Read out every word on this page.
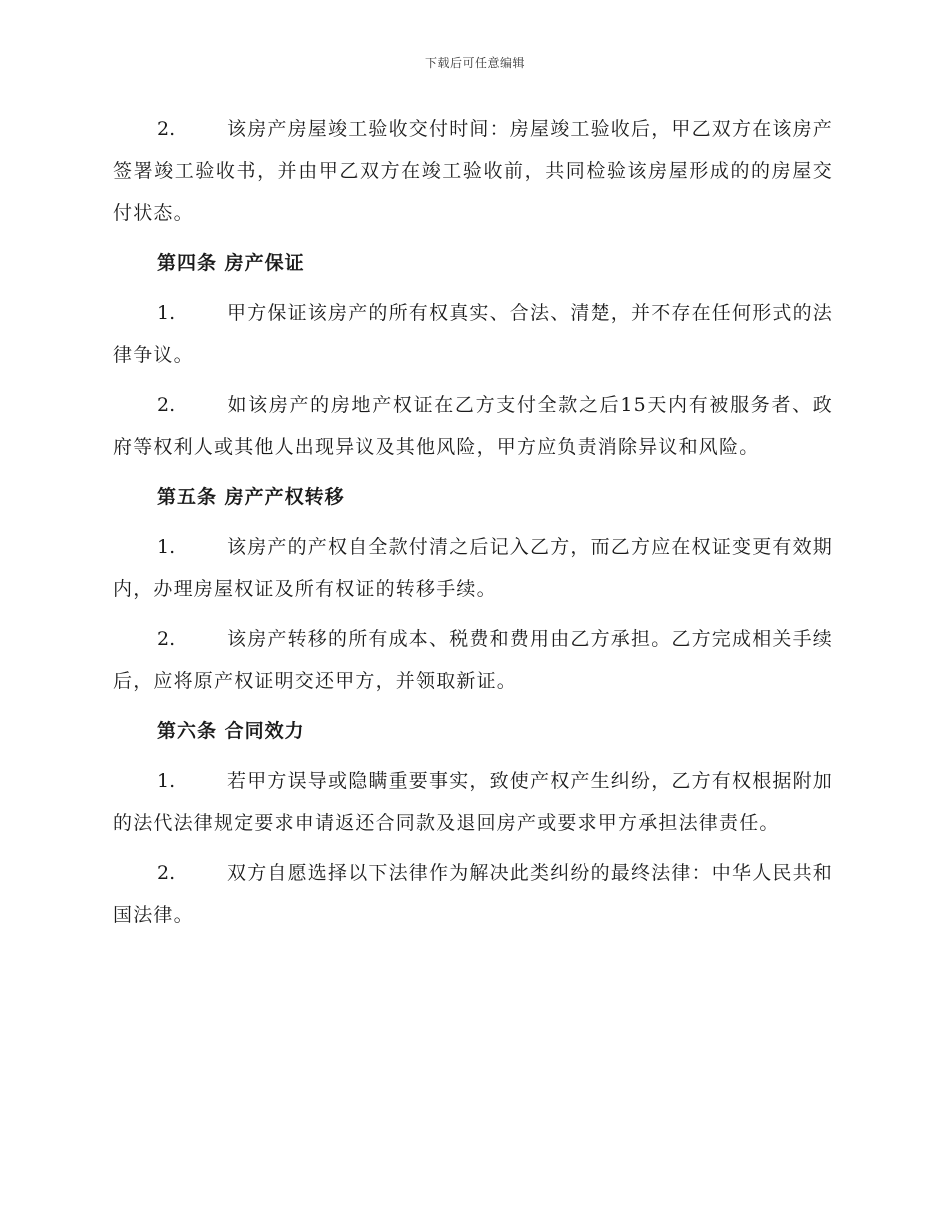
下载后可任意编辑

2.	该房产房屋竣工验收交付时间：房屋竣工验收后，甲乙双方在该房产签署竣工验收书，并由甲乙双方在竣工验收前，共同检验该房屋形成的的房屋交付状态。

第四条 房产保证

1.	甲方保证该房产的所有权真实、合法、清楚，并不存在任何形式的法律争议。

2.	如该房产的房地产权证在乙方支付全款之后15天内有被服务者、政府等权利人或其他人出现异议及其他风险，甲方应负责消除异议和风险。

第五条 房产产权转移

1.	该房产的产权自全款付清之后记入乙方，而乙方应在权证变更有效期内，办理房屋权证及所有权证的转移手续。

2.	该房产转移的所有成本、税费和费用由乙方承担。乙方完成相关手续后，应将原产权证明交还甲方，并领取新证。

第六条 合同效力

1.	若甲方误导或隐瞒重要事实，致使产权产生纠纷，乙方有权根据附加的法代法律规定要求申请返还合同款及退回房产或要求甲方承担法律责任。

2.	双方自愿选择以下法律作为解决此类纠纷的最终法律：中华人民共和国法律。
